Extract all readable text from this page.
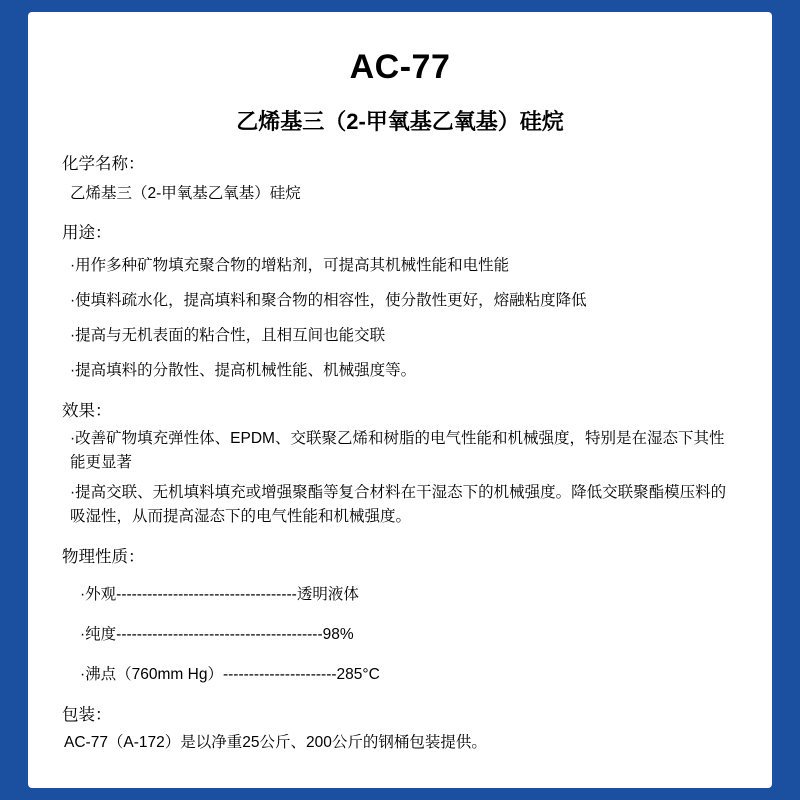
AC-77
乙烯基三（2-甲氧基乙氧基）硅烷
化学名称：
乙烯基三（2-甲氧基乙氧基）硅烷
用途：
·用作多种矿物填充聚合物的增粘剂，可提高其机械性能和电性能
·使填料疏水化，提高填料和聚合物的相容性，使分散性更好，熔融粘度降低
·提高与无机表面的粘合性，且相互间也能交联
·提高填料的分散性、提高机械性能、机械强度等。
效果：
·改善矿物填充弹性体、EPDM、交联聚乙烯和树脂的电气性能和机械强度，特别是在湿态下其性能更显著
·提高交联、无机填料填充或增强聚酯等复合材料在干湿态下的机械强度。降低交联聚酯模压料的吸湿性，从而提高湿态下的电气性能和机械强度。
物理性质：
·外观-----------------------------------透明液体
·纯度----------------------------------------98%
·沸点（760mm Hg）----------------------285°C
包装：
AC-77（A-172）是以净重25公斤、200公斤的钢桶包装提供。
